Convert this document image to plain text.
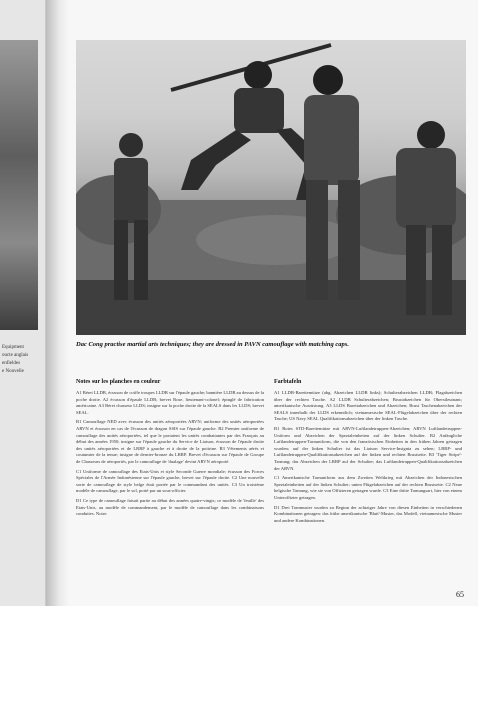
Equipment
oucte anglais
enfieldes
e Nouvelle
Dac Cong practise martial arts techniques; they are dressed in PAVN camouflage with matching caps.
Notes sur les planches en couleur
A1 Béret LLDB, écusson de coiffe troupes LLDB sur l'épaule gauche; bannière LLDB au dessus de la poche droite. A2 écusson d'épaule LLDB; brevet Rose, lieutenant-colonel; épinglé de fabrication américaine. A3 Béret chasseur LLDS; insigne sur la poche droite de la SEALS dans les LLDS; brevet SEAL.
B1 Camouflage NED avec écusson des unités aéroportées ARVN; uniforme des unités aéroportées ARVN et écusson en cas de l'écusson de dragon SSIS sur l'épaule gauche. B2 Premier uniforme de camouflage des unités aéroportées, tel que le portaient les unités combattantes par des Français au début des années 1950; insigne sur l'épaule gauche du Service de Liaison, écusson de l'épaule droite des unités aéroportées et de LRRP à gauche et à droite de la poitrine. B3 Vêtements aérés et coutumier de la tenue; insigne de dernier-bronze du LRRP. Brevet d'écusson sur l'épaule de Groupe de Chasseurs de aéroportés, par le camouflage de 'dualage' devint ARVN aéroporté.
C1 Uniforme de camouflage des Etats-Unis et style Seconde Guerre mondiale; écusson des Forces Spéciales de l'Armée Indonésienne sur l'épaule gauche, brevet sur l'épaule droite. C2 Une nouvelle sorte de camouflage de style belge était portée par le commandant des unités. C3 Un troisième modèle de camouflage, par le sol, porté par un sous-officier.
D1 Ce type de camouflage faisait partie au début des années quatre-vingts; ce modèle de 'feuille' des Etats-Unis, au modèle de commandement, par le modèle de camouflage dans les combinaisons conduites. Notre.
Farbtafeln
A1 LLDB-Barettemütze (abg. Abzeichen LLDB links); Schulterabzeichen LLDB; Flagabzeichen über der rechten Tasche. A2 LLDB Schulterabzeichen; Brustabzeichen für Oberstleutnant; amerikanische Ausrüstung. A3 LLDS Barettabzeichen und Abzeichen; Brust Taschenabzeichen der SEALS innerhalb der LLDS erkenntlich; vietnamesische SEAL-Flügelabzeichen über der rechten Tasche; US Navy SEAL Qualifikationsabzeichen über der linken Tasche.
B1 Rotes STD-Barettemütze mit ARVN-Luftlandetruppen-Abzeichen; ARVN Luftlandetruppen-Uniform und Abzeichen der Spezialeinheiten auf der linken Schulter. B2 Anfängliche Luftlandetruppen-Tarnuniform, die von den französischen Einheiten in den frühen Jahren getragen wurden; auf der linken Schulter ist das Liaison Service-Insignia zu sehen; LRRP- und Luftlandetruppen-Qualifikationsabzeichen auf der linken und rechten Brustseite. B3 'Tiger Stripe'-Tarnung; das Abzeichen der LRRP auf der Schulter; das Luftlandetruppen-Qualifikationsabzeichen der ARVN.
C1 Amerikanische Tarnuniform aus dem Zweiten Weltkrieg mit Abzeichen der Indonesischen Spezialeinheiten auf der linken Schulter; unten Flügelabzeichen auf der rechten Brustseite. C2 Neue belgische Tarnung, wie sie von Offizieren getragen wurde. C3 Eine dritte Tarnungsart, hier von einem Unteroffizier getragen.
D1 Drei Tarnmuster wurden zu Beginn der achtziger Jahre von diesen Einheiten in verschiedenen Kombinationen getragen: das frühe amerikanische 'Blatt'-Muster, das Modell, vietnamesische Muster und andere Kombinationen.
65
